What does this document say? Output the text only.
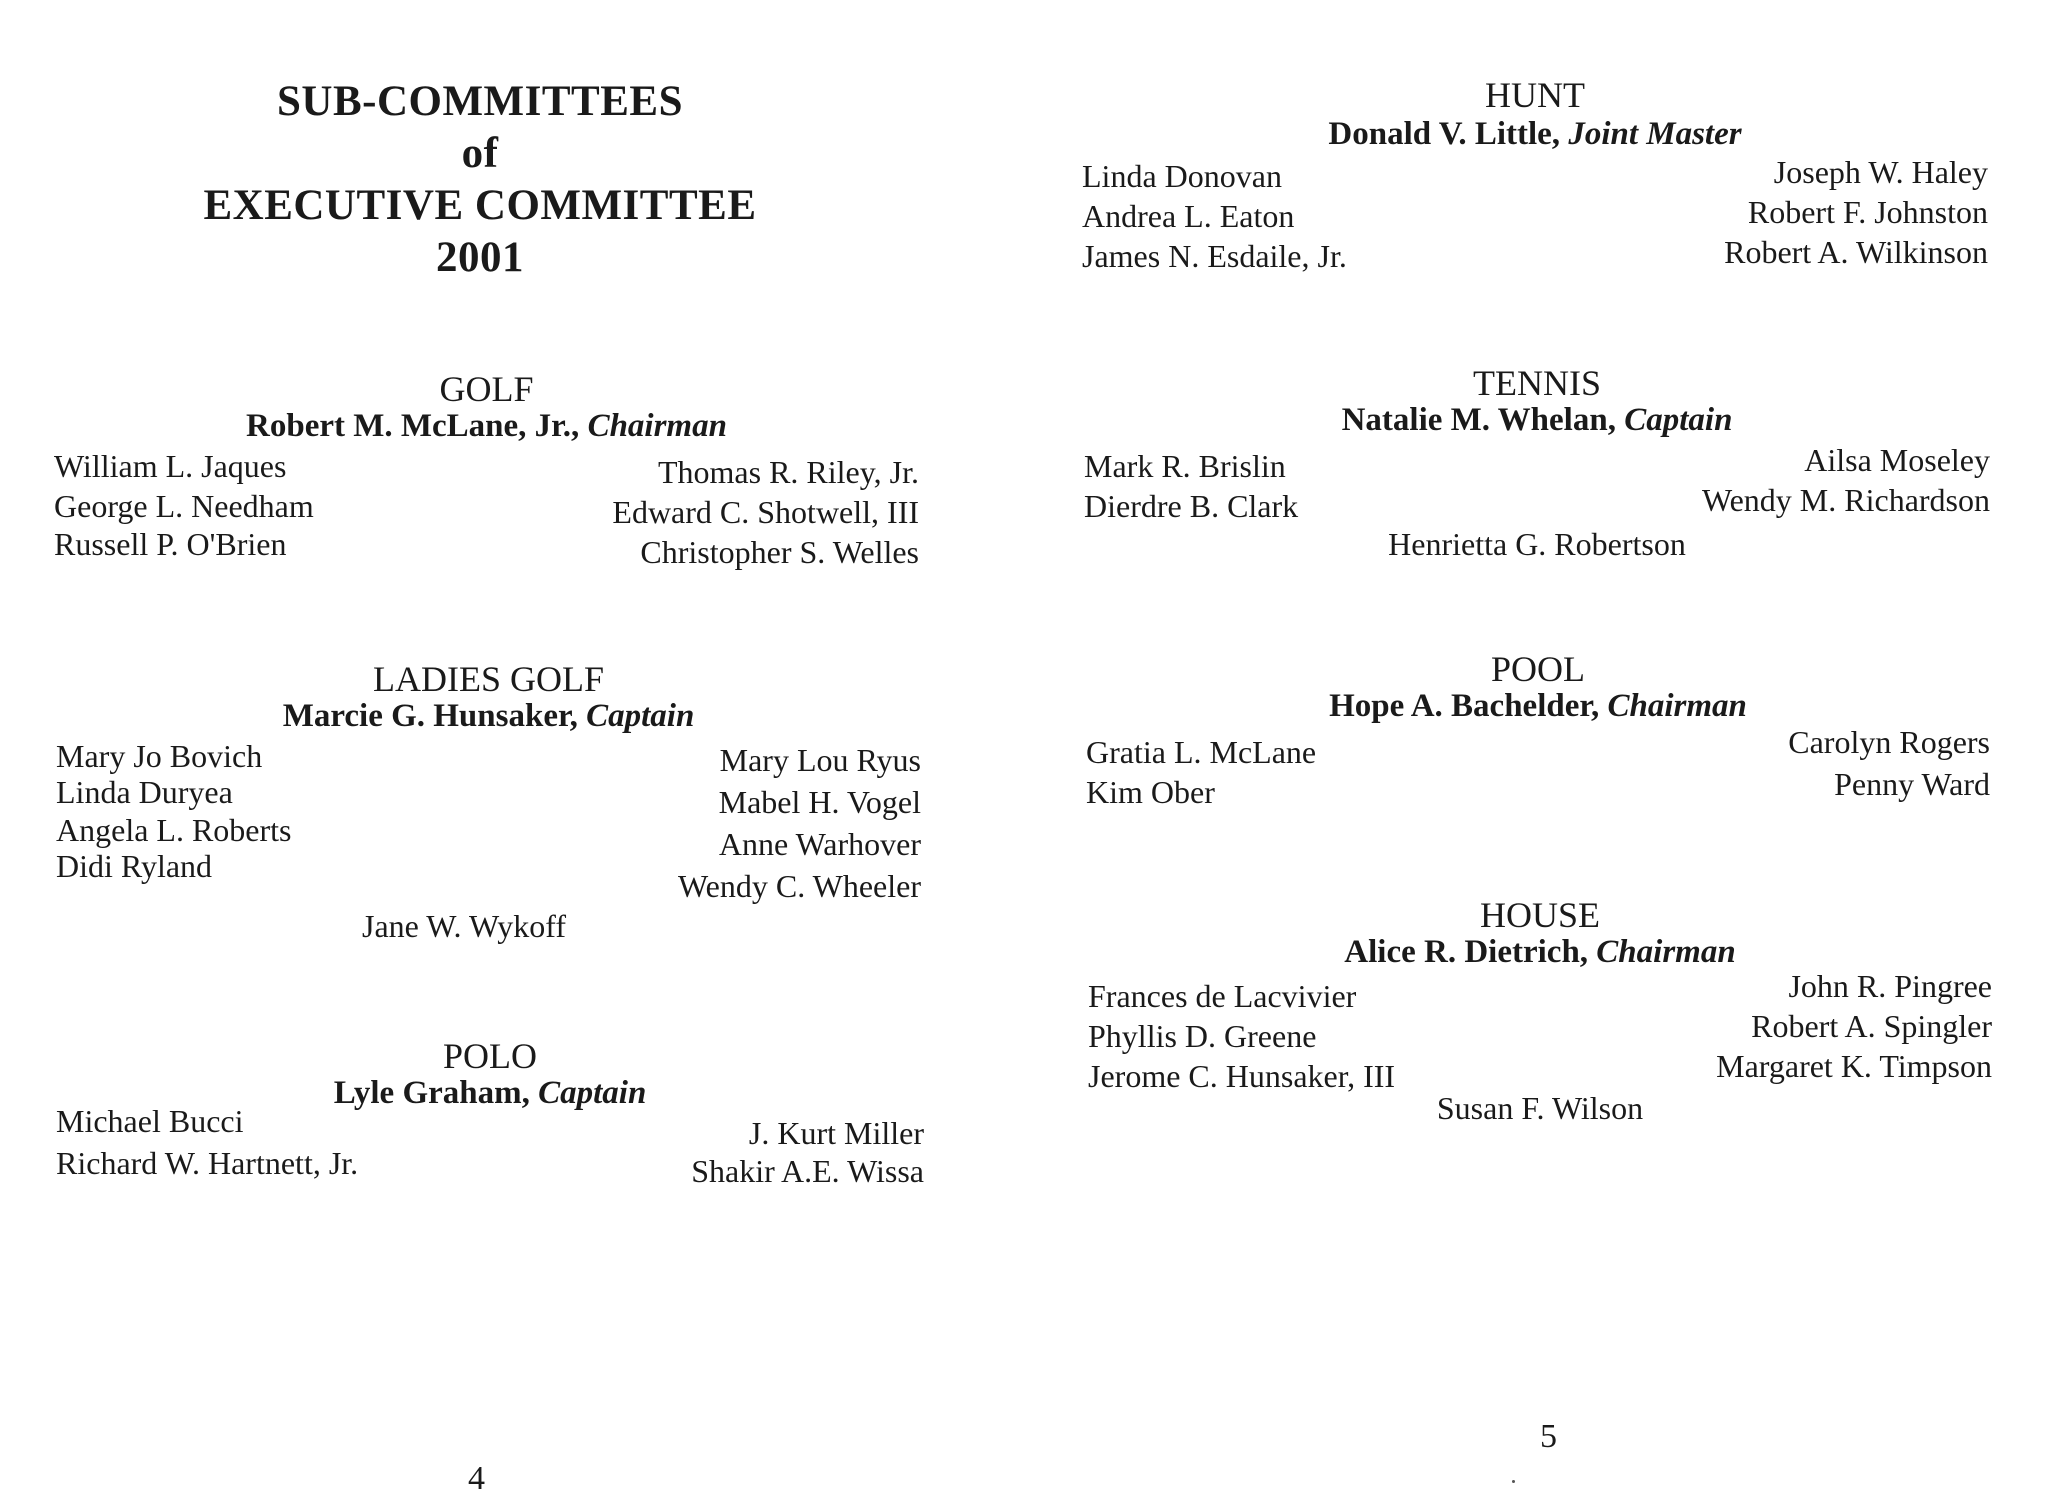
SUB-COMMITTEES
of
EXECUTIVE COMMITTEE
2001
GOLF
Robert M. McLane, Jr., Chairman
William L. Jaques
George L. Needham
Russell P. O'Brien
Thomas R. Riley, Jr.
Edward C. Shotwell, III
Christopher S. Welles
LADIES GOLF
Marcie G. Hunsaker, Captain
Mary Jo Bovich
Linda Duryea
Angela L. Roberts
Didi Ryland
Mary Lou Ryus
Mabel H. Vogel
Anne Warhover
Wendy C. Wheeler
Jane W. Wykoff
POLO
Lyle Graham, Captain
Michael Bucci
Richard W. Hartnett, Jr.
J. Kurt Miller
Shakir A.E. Wissa
4
HUNT
Donald V. Little, Joint Master
Linda Donovan
Andrea L. Eaton
James N. Esdaile, Jr.
Joseph W. Haley
Robert F. Johnston
Robert A. Wilkinson
TENNIS
Natalie M. Whelan, Captain
Mark R. Brislin
Dierdre B. Clark
Ailsa Moseley
Wendy M. Richardson
Henrietta G. Robertson
POOL
Hope A. Bachelder, Chairman
Gratia L. McLane
Kim Ober
Carolyn Rogers
Penny Ward
HOUSE
Alice R. Dietrich, Chairman
Frances de Lacvivier
Phyllis D. Greene
Jerome C. Hunsaker, III
John R. Pingree
Robert A. Spingler
Margaret K. Timpson
Susan F. Wilson
5
